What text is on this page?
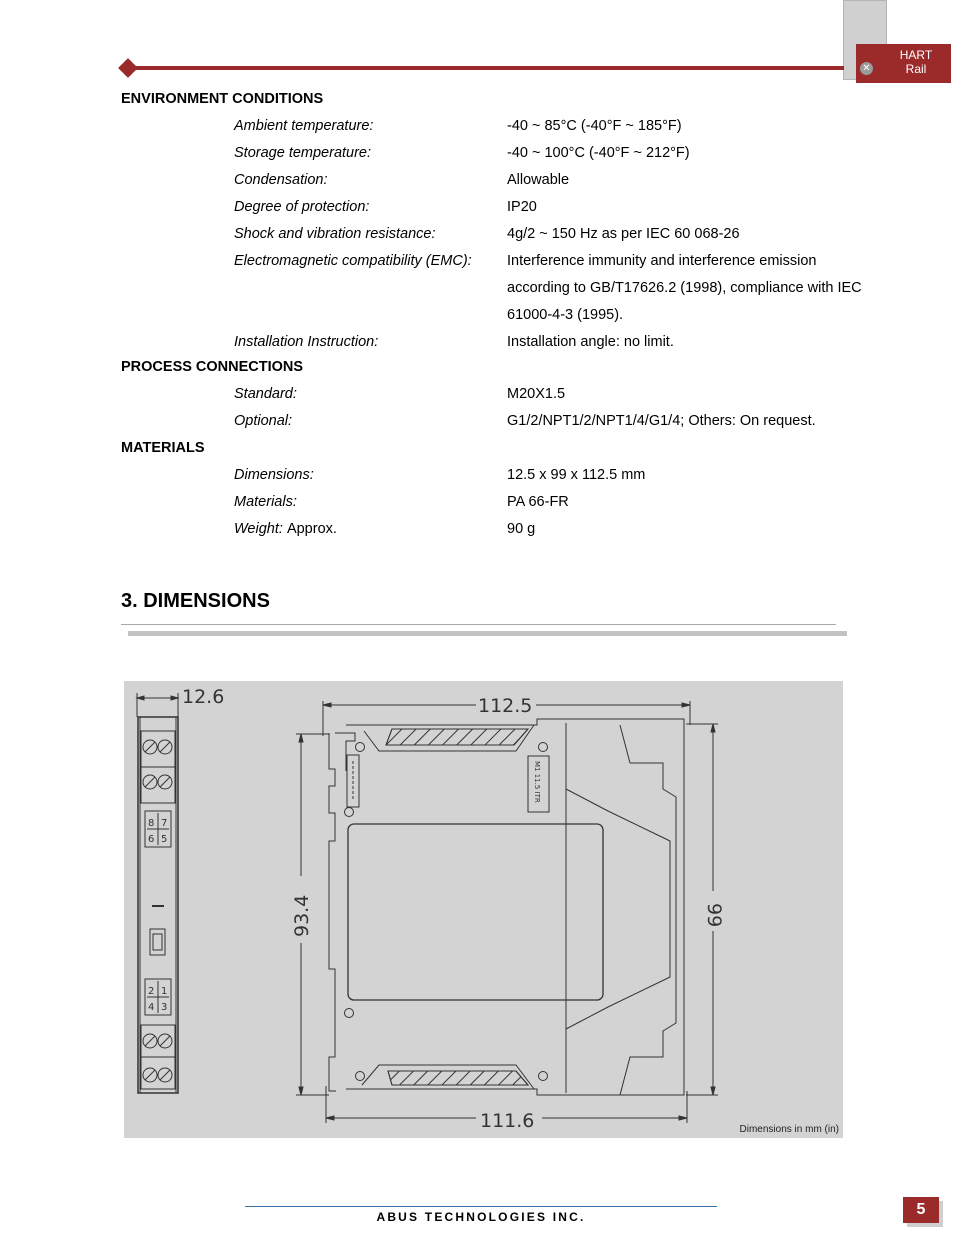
✕
HART
Rail
ENVIRONMENT CONDITIONS
Ambient temperature:	-40 ~ 85°C (-40°F ~ 185°F)
Storage temperature:	-40 ~ 100°C (-40°F ~ 212°F)
Condensation:	Allowable
Degree of protection:	IP20
Shock and vibration resistance:	4g/2 ~ 150 Hz as per IEC 60 068-26
Electromagnetic compatibility (EMC): Interference immunity and interference emission
according to GB/T17626.2 (1998), compliance with IEC
61000-4-3 (1995).
Installation Instruction:	Installation angle: no limit.
PROCESS CONNECTIONS
Standard:	M20X1.5
Optional:	G1/2/NPT1/2/NPT1/4/G1/4; Others: On request.
MATERIALS
Dimensions:	12.5 x 99 x 112.5 mm
Materials:	PA 66-FR
Weight: Approx.	90 g
3. DIMENSIONS
12.6	112.5
111.6
93.4	99
8 7
6 5
2 1
4 3
M1 11.5 ITR
Dimensions in mm (in)
ABUS TECHNOLOGIES INC.	5
